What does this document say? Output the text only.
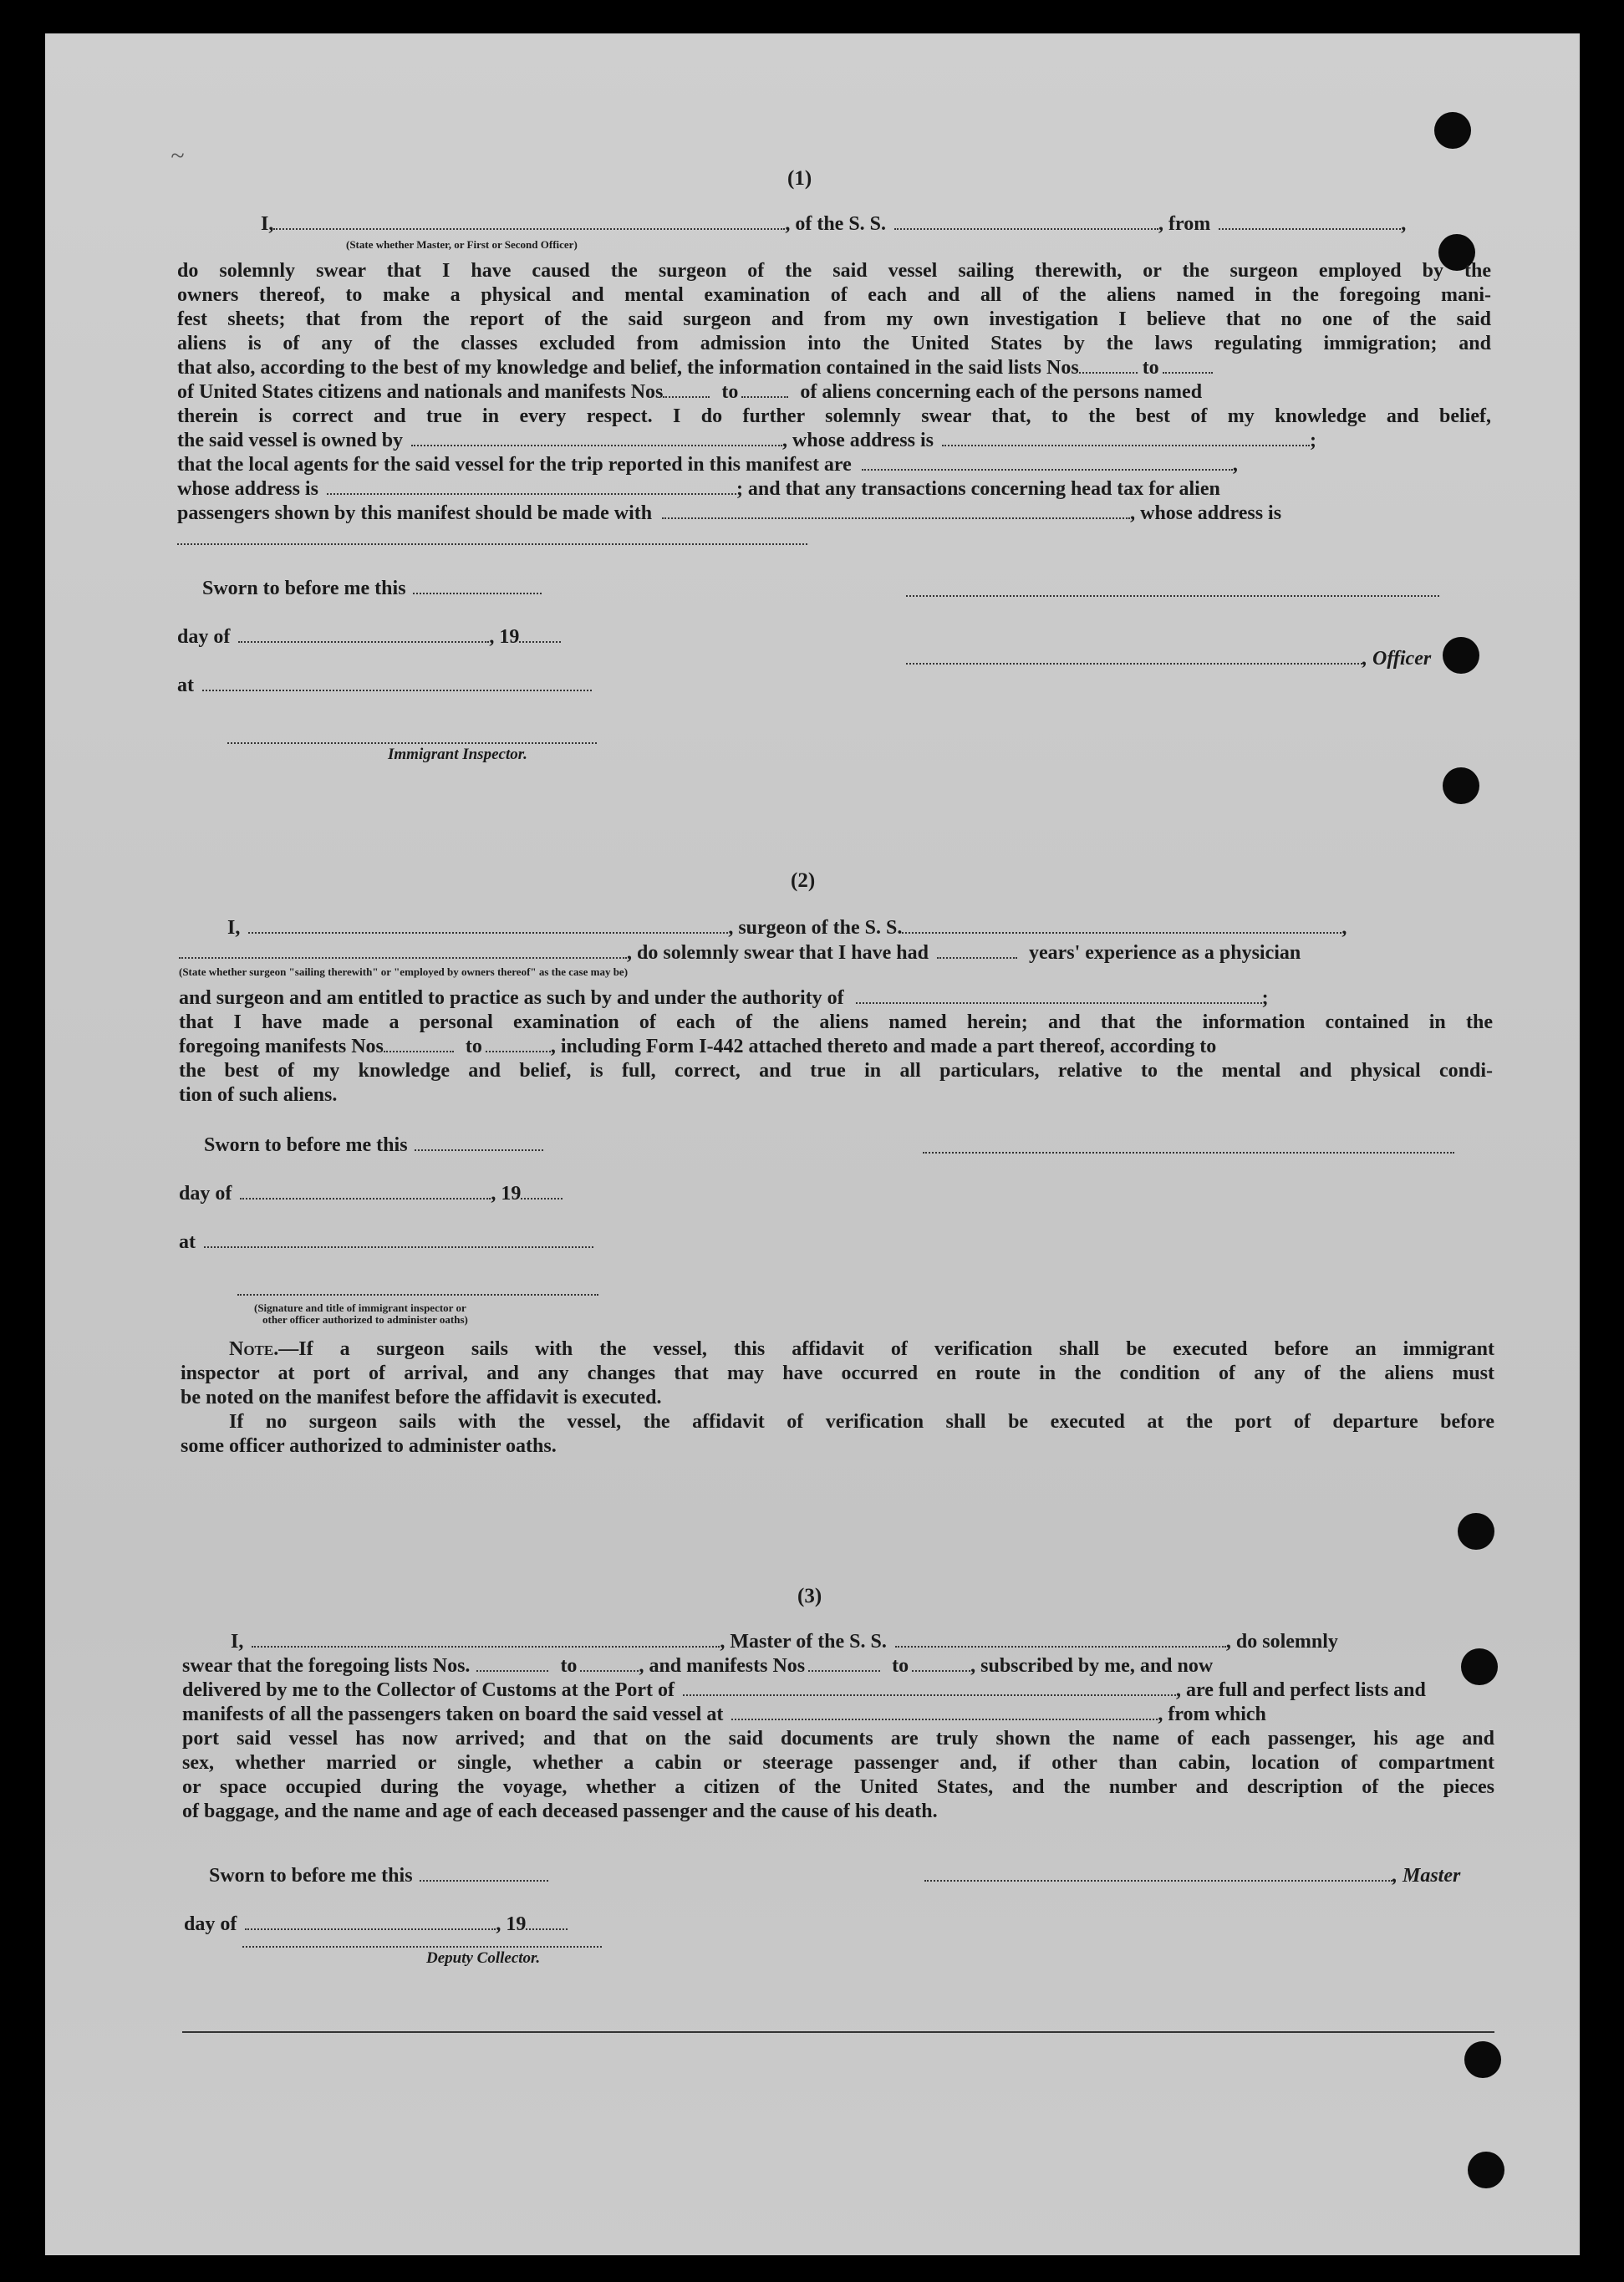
~
(1)
I,	, of the S. S.	, from	,
(State whether Master, or First or Second Officer)
do solemnly swear that I have caused the surgeon of the said vessel sailing therewith, or the surgeon employed by the
owners thereof, to make a physical and mental examination of each and all of the aliens named in the foregoing mani-
fest sheets; that from the report of the said surgeon and from my own investigation I believe that no one of the said
aliens is of any of the classes excluded from admission into the United States by the laws regulating immigration; and
that also, according to the best of my knowledge and belief, the information contained in the said lists Nos	to
of United States citizens and nationals and manifests Nos	to	of aliens concerning each of the persons named
therein is correct and true in every respect. I do further solemnly swear that, to the best of my knowledge and belief,
the said vessel is owned by	, whose address is	;
that the local agents for the said vessel for the trip reported in this manifest are	,
whose address is	; and that any transactions concerning head tax for alien
passengers shown by this manifest should be made with	, whose address is
Sworn to before me this
day of	, 19
, Officer
at
Immigrant Inspector.
(2)
I,	, surgeon of the S. S.	,
, do solemnly swear that I have had	years' experience as a physician
(State whether surgeon "sailing therewith" or "employed by owners thereof" as the case may be)
and surgeon and am entitled to practice as such by and under the authority of	;
that I have made a personal examination of each of the aliens named herein; and that the information contained in the
foregoing manifests Nos	to	, including Form I-442 attached thereto and made a part thereof, according to
the best of my knowledge and belief, is full, correct, and true in all particulars, relative to the mental and physical condi-
tion of such aliens.
Sworn to before me this
day of	, 19
at
(Signature and title of immigrant inspector or
other officer authorized to administer oaths)
Note.—If a surgeon sails with the vessel, this affidavit of verification shall be executed before an immigrant
inspector at port of arrival, and any changes that may have occurred en route in the condition of any of the aliens must
be noted on the manifest before the affidavit is executed.
If no surgeon sails with the vessel, the affidavit of verification shall be executed at the port of departure before
some officer authorized to administer oaths.
(3)
I,	, Master of the S. S.	, do solemnly
swear that the foregoing lists Nos.	to	, and manifests Nos	to	, subscribed by me, and now
delivered by me to the Collector of Customs at the Port of	, are full and perfect lists and
manifests of all the passengers taken on board the said vessel at	, from which
port said vessel has now arrived; and that on the said documents are truly shown the name of each passenger, his age and
sex, whether married or single, whether a cabin or steerage passenger and, if other than cabin, location of compartment
or space occupied during the voyage, whether a citizen of the United States, and the number and description of the pieces
of baggage, and the name and age of each deceased passenger and the cause of his death.
Sworn to before me this	, Master
day of	, 19
Deputy Collector.
